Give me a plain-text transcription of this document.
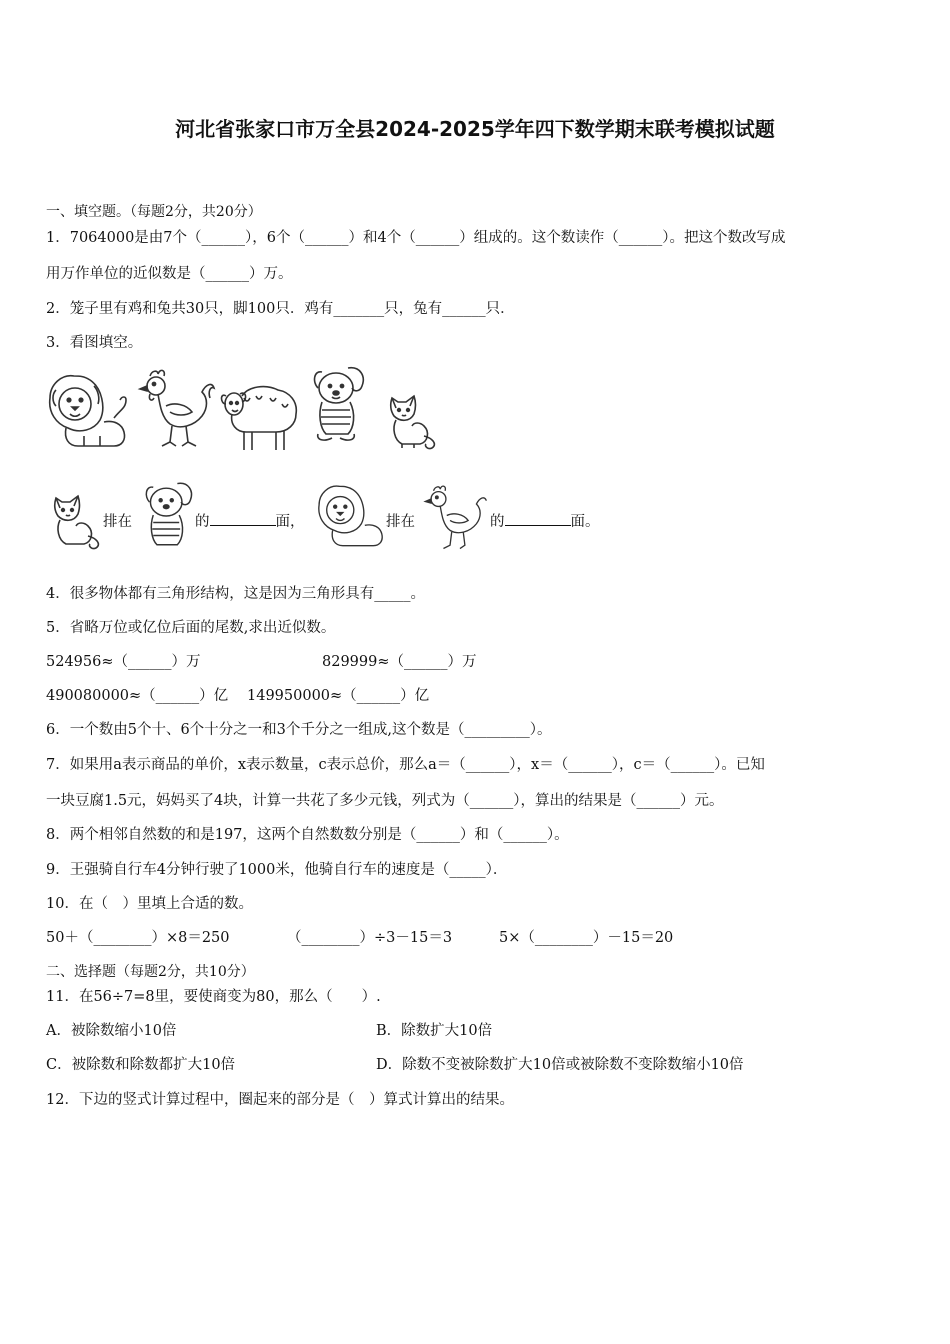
河北省张家口市万全县2024-2025学年四下数学期末联考模拟试题
一、填空题。（每题2分，共20分）
1．7064000是由7个（______），6个（______）和4个（______）组成的。这个数读作（______）。把这个数改写成
用万作单位的近似数是（______）万。
2．笼子里有鸡和兔共30只，脚100只．鸡有_______只，兔有______只．
3．看图填空。
排在	的	面，	排在	的	面。
4．很多物体都有三角形结构，这是因为三角形具有_____。
5．省略万位或亿位后面的尾数,求出近似数。
524956≈（______）万	829999≈（______）万
490080000≈（______）亿 149950000≈（______）亿
6．一个数由5个十、6个十分之一和3个千分之一组成,这个数是（_________）。
7．如果用a表示商品的单价，x表示数量，c表示总价，那么a＝（______），x＝（______），c＝（______）。已知
一块豆腐1.5元，妈妈买了4块，计算一共花了多少元钱，列式为（______），算出的结果是（______）元。
8．两个相邻自然数的和是197，这两个自然数数分别是（______）和（______）。
9．王强骑自行车4分钟行驶了1000米，他骑自行车的速度是（_____）．
10．在（　）里填上合适的数。
50＋（________）×8＝250	（________）÷3－15＝3	5×（________）－15＝20
二、选择题（每题2分，共10分）
11．在56÷7=8里，要使商变为80，那么（　　）.
A．被除数缩小10倍	B．除数扩大10倍
C．被除数和除数都扩大10倍	D．除数不变被除数扩大10倍或被除数不变除数缩小10倍
12．下边的竖式计算过程中，圈起来的部分是（　）算式计算出的结果。
